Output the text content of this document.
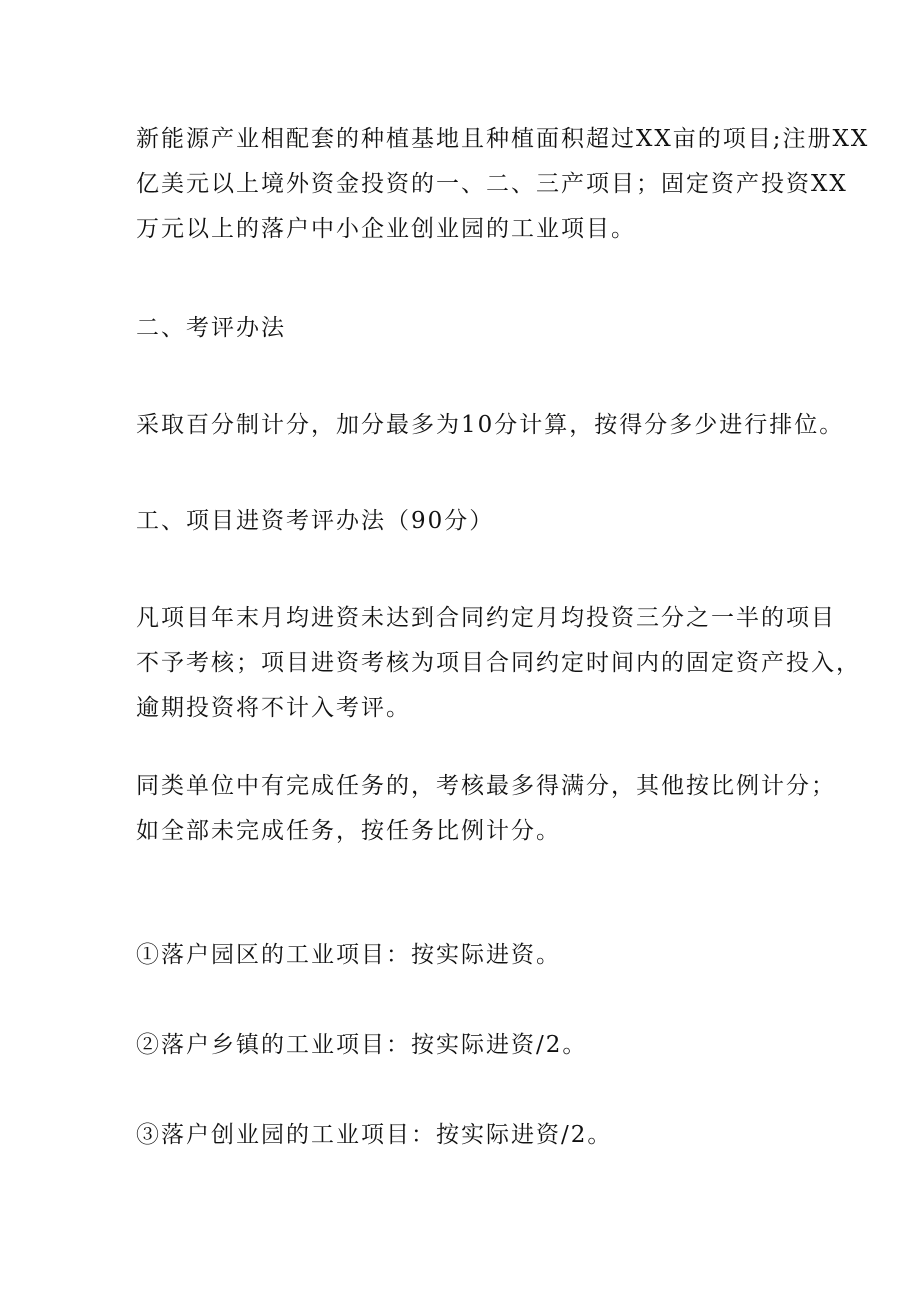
新能源产业相配套的种植基地且种植面积超过XX亩的项目;注册XX
亿美元以上境外资金投资的一、二、三产项目；固定资产投资XX
万元以上的落户中小企业创业园的工业项目。

二、考评办法

采取百分制计分，加分最多为10分计算，按得分多少进行排位。

工、项目进资考评办法（90分）

凡项目年末月均进资未达到合同约定月均投资三分之一半的项目
不予考核；项目进资考核为项目合同约定时间内的固定资产投入，
逾期投资将不计入考评。

同类单位中有完成任务的，考核最多得满分，其他按比例计分；
如全部未完成任务，按任务比例计分。

①落户园区的工业项目：按实际进资。

②落户乡镇的工业项目：按实际进资/2。

③落户创业园的工业项目：按实际进资/2。
